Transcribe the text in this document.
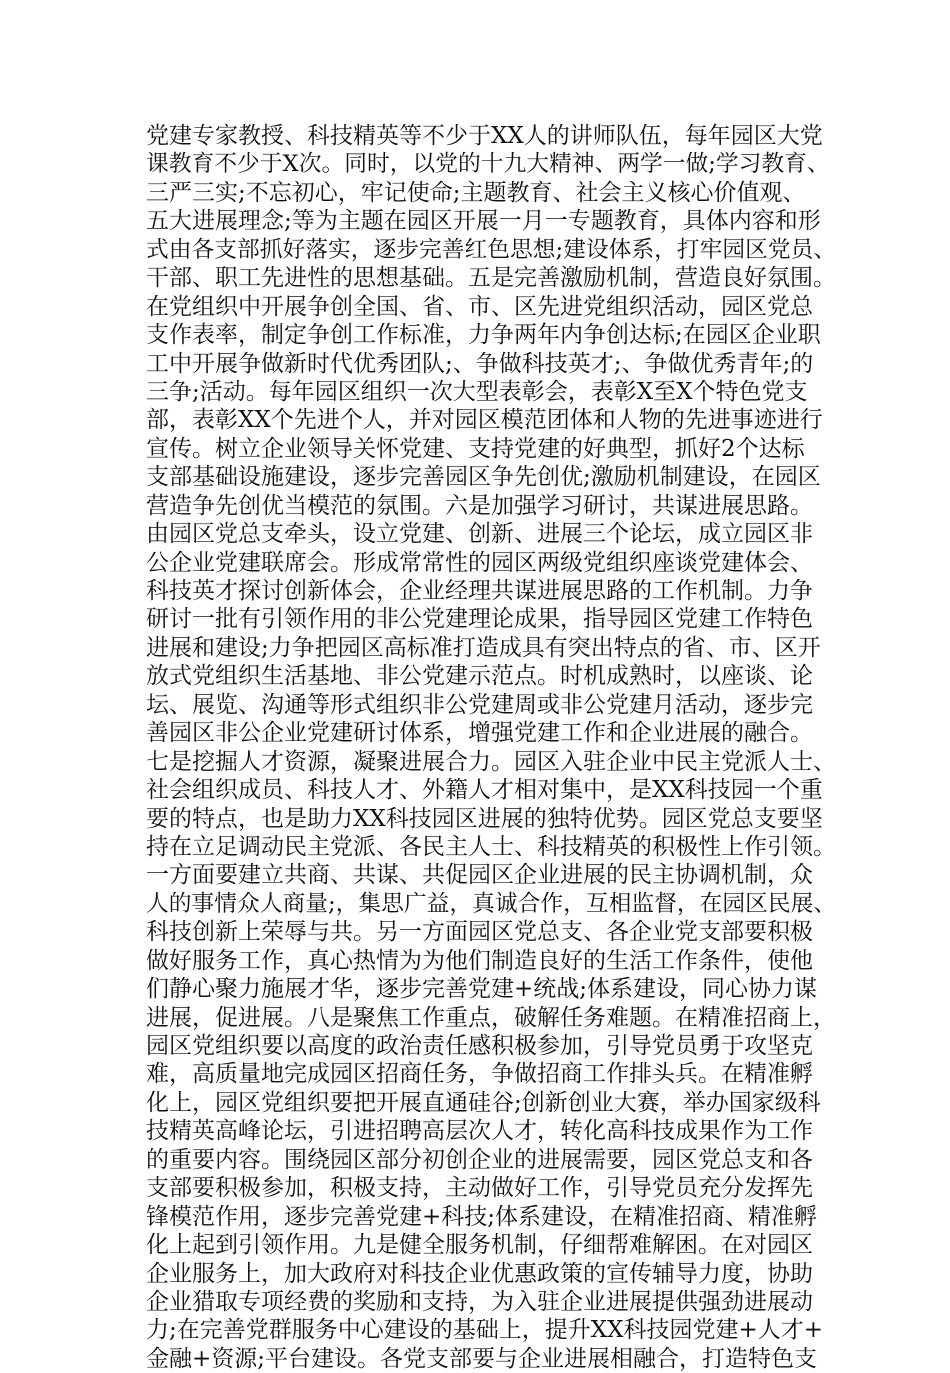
党建专家教授、科技精英等不少于XX人的讲师队伍，每年园区大党
课教育不少于X次。同时，以党的十九大精神、两学一做;学习教育、
三严三实;不忘初心，牢记使命;主题教育、社会主义核心价值观、
五大进展理念;等为主题在园区开展一月一专题教育，具体内容和形
式由各支部抓好落实，逐步完善红色思想;建设体系，打牢园区党员、
干部、职工先进性的思想基础。五是完善激励机制，营造良好氛围。
在党组织中开展争创全国、省、市、区先进党组织活动，园区党总
支作表率，制定争创工作标准，力争两年内争创达标;在园区企业职
工中开展争做新时代优秀团队;、争做科技英才;、争做优秀青年;的
三争;活动。每年园区组织一次大型表彰会，表彰X至X个特色党支
部，表彰XX个先进个人，并对园区模范团体和人物的先进事迹进行
宣传。树立企业领导关怀党建、支持党建的好典型，抓好2个达标
支部基础设施建设，逐步完善园区争先创优;激励机制建设，在园区
营造争先创优当模范的氛围。六是加强学习研讨，共谋进展思路。
由园区党总支牵头，设立党建、创新、进展三个论坛，成立园区非
公企业党建联席会。形成常常性的园区两级党组织座谈党建体会、
科技英才探讨创新体会，企业经理共谋进展思路的工作机制。力争
研讨一批有引领作用的非公党建理论成果，指导园区党建工作特色
进展和建设;力争把园区高标准打造成具有突出特点的省、市、区开
放式党组织生活基地、非公党建示范点。时机成熟时，以座谈、论
坛、展览、沟通等形式组织非公党建周或非公党建月活动，逐步完
善园区非公企业党建研讨体系，增强党建工作和企业进展的融合。
七是挖掘人才资源，凝聚进展合力。园区入驻企业中民主党派人士、
社会组织成员、科技人才、外籍人才相对集中，是XX科技园一个重
要的特点，也是助力XX科技园区进展的独特优势。园区党总支要坚
持在立足调动民主党派、各民主人士、科技精英的积极性上作引领。
一方面要建立共商、共谋、共促园区企业进展的民主协调机制，众
人的事情众人商量;，集思广益，真诚合作，互相监督，在园区民展、
科技创新上荣辱与共。另一方面园区党总支、各企业党支部要积极
做好服务工作，真心热情为为他们制造良好的生活工作条件，使他
们静心聚力施展才华，逐步完善党建+统战;体系建设，同心协力谋
进展，促进展。八是聚焦工作重点，破解任务难题。在精准招商上，
园区党组织要以高度的政治责任感积极参加，引导党员勇于攻坚克
难，高质量地完成园区招商任务，争做招商工作排头兵。在精准孵
化上，园区党组织要把开展直通硅谷;创新创业大赛，举办国家级科
技精英高峰论坛，引进招聘高层次人才，转化高科技成果作为工作
的重要内容。围绕园区部分初创企业的进展需要，园区党总支和各
支部要积极参加，积极支持，主动做好工作，引导党员充分发挥先
锋模范作用，逐步完善党建+科技;体系建设，在精准招商、精准孵
化上起到引领作用。九是健全服务机制，仔细帮难解困。在对园区
企业服务上，加大政府对科技企业优惠政策的宣传辅导力度，协助
企业猎取专项经费的奖励和支持，为入驻企业进展提供强劲进展动
力;在完善党群服务中心建设的基础上，提升XX科技园党建+人才+
金融+资源;平台建设。各党支部要与企业进展相融合，打造特色支
